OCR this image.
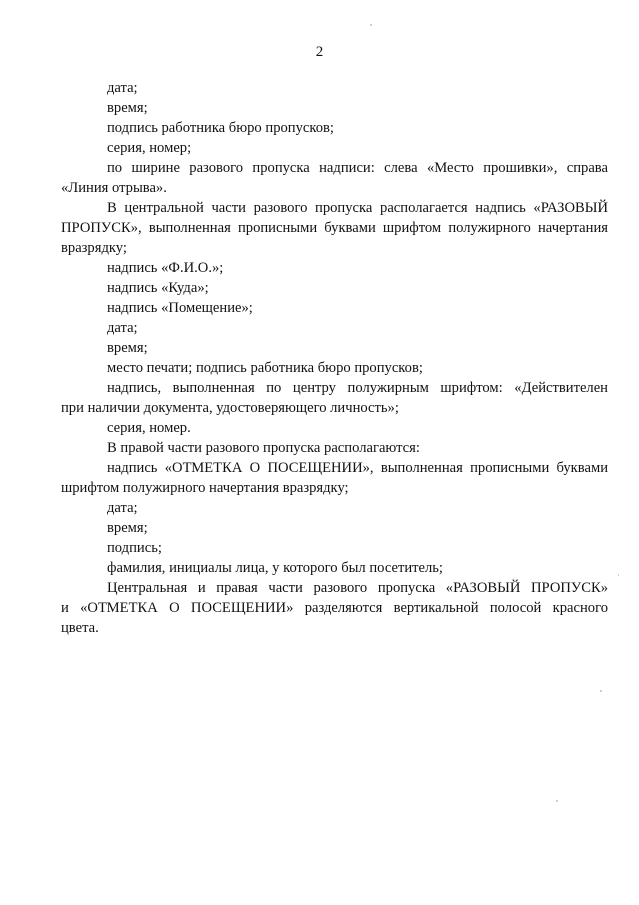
2
дата;
время;
подпись работника бюро пропусков;
серия, номер;
по ширине разового пропуска надписи: слева «Место прошивки», справа
«Линия отрыва».
В центральной части разового пропуска располагается надпись «РАЗОВЫЙ
ПРОПУСК», выполненная прописными буквами шрифтом полужирного начертания
вразрядку;
надпись «Ф.И.О.»;
надпись «Куда»;
надпись «Помещение»;
дата;
время;
место печати; подпись работника бюро пропусков;
надпись, выполненная по центру полужирным шрифтом: «Действителен
при наличии документа, удостоверяющего личность»;
серия, номер.
В правой части разового пропуска располагаются:
надпись «ОТМЕТКА О ПОСЕЩЕНИИ», выполненная прописными буквами
шрифтом полужирного начертания вразрядку;
дата;
время;
подпись;
фамилия, инициалы лица, у которого был посетитель;
Центральная и правая части разового пропуска «РАЗОВЫЙ ПРОПУСК»
и «ОТМЕТКА О ПОСЕЩЕНИИ» разделяются вертикальной полосой красного
цвета.
